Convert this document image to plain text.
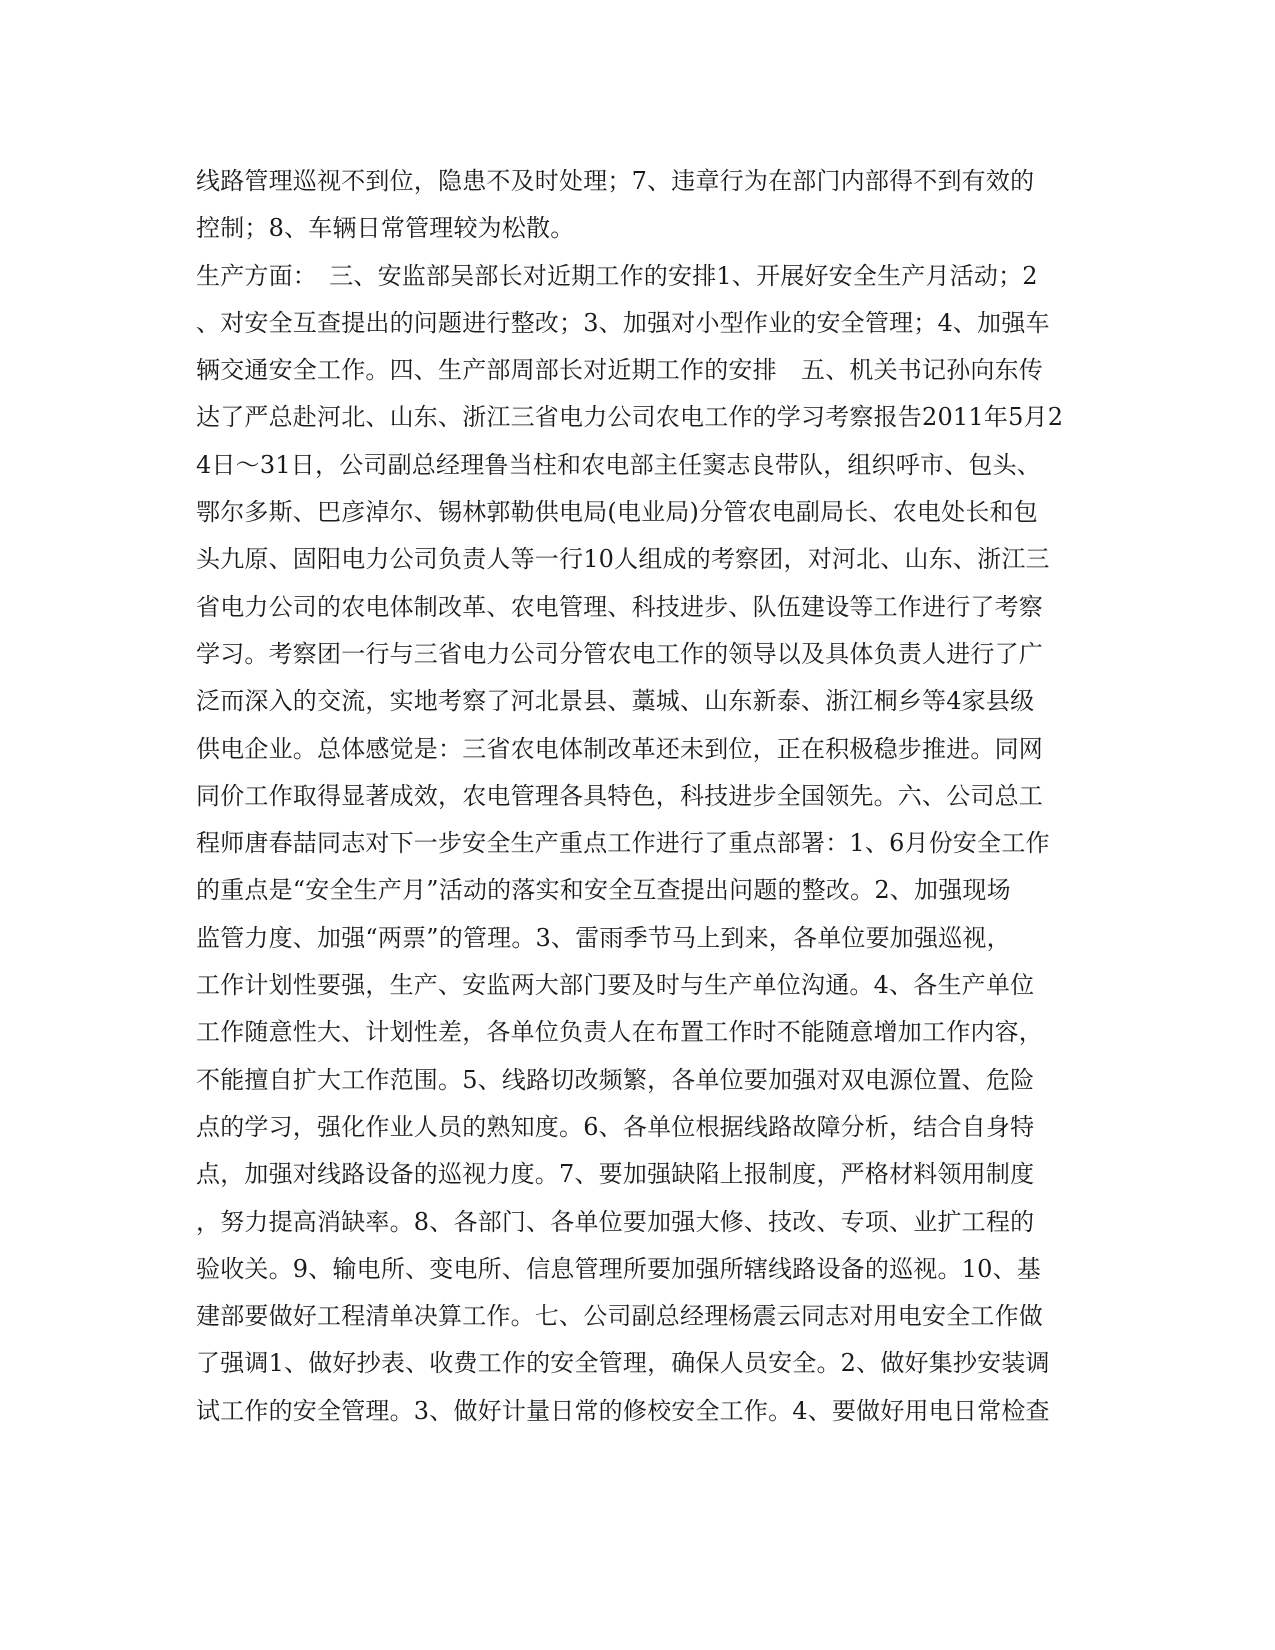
线路管理巡视不到位，隐患不及时处理；7、违章行为在部门内部得不到有效的
控制；8、车辆日常管理较为松散。
生产方面：　三、安监部吴部长对近期工作的安排1、开展好安全生产月活动；2
、对安全互查提出的问题进行整改；3、加强对小型作业的安全管理；4、加强车
辆交通安全工作。四、生产部周部长对近期工作的安排　五、机关书记孙向东传
达了严总赴河北、山东、浙江三省电力公司农电工作的学习考察报告2011年5月2
4日～31日，公司副总经理鲁当柱和农电部主任窦志良带队，组织呼市、包头、
鄂尔多斯、巴彦淖尔、锡林郭勒供电局(电业局)分管农电副局长、农电处长和包
头九原、固阳电力公司负责人等一行10人组成的考察团，对河北、山东、浙江三
省电力公司的农电体制改革、农电管理、科技进步、队伍建设等工作进行了考察
学习。考察团一行与三省电力公司分管农电工作的领导以及具体负责人进行了广
泛而深入的交流，实地考察了河北景县、藁城、山东新泰、浙江桐乡等4家县级
供电企业。总体感觉是：三省农电体制改革还未到位，正在积极稳步推进。同网
同价工作取得显著成效，农电管理各具特色，科技进步全国领先。六、公司总工
程师唐春喆同志对下一步安全生产重点工作进行了重点部署：1、6月份安全工作
的重点是“安全生产月”活动的落实和安全互查提出问题的整改。2、加强现场
监管力度、加强“两票”的管理。3、雷雨季节马上到来，各单位要加强巡视，
工作计划性要强，生产、安监两大部门要及时与生产单位沟通。4、各生产单位
工作随意性大、计划性差，各单位负责人在布置工作时不能随意增加工作内容，
不能擅自扩大工作范围。5、线路切改频繁，各单位要加强对双电源位置、危险
点的学习，强化作业人员的熟知度。6、各单位根据线路故障分析，结合自身特
点，加强对线路设备的巡视力度。7、要加强缺陷上报制度，严格材料领用制度
，努力提高消缺率。8、各部门、各单位要加强大修、技改、专项、业扩工程的
验收关。9、输电所、变电所、信息管理所要加强所辖线路设备的巡视。10、基
建部要做好工程清单决算工作。七、公司副总经理杨震云同志对用电安全工作做
了强调1、做好抄表、收费工作的安全管理，确保人员安全。2、做好集抄安装调
试工作的安全管理。3、做好计量日常的修校安全工作。4、要做好用电日常检查
